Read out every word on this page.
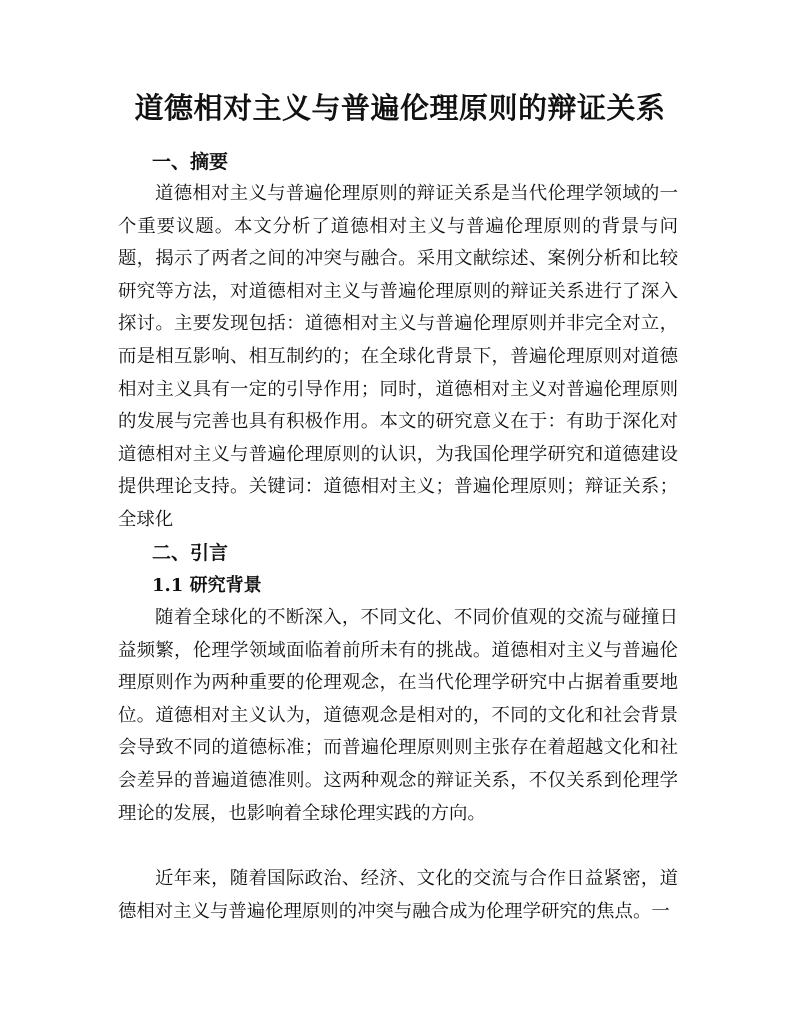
道德相对主义与普遍伦理原则的辩证关系
一、摘要

道德相对主义与普遍伦理原则的辩证关系是当代伦理学领域的一个重要议题。本文分析了道德相对主义与普遍伦理原则的背景与问题，揭示了两者之间的冲突与融合。采用文献综述、案例分析和比较研究等方法，对道德相对主义与普遍伦理原则的辩证关系进行了深入探讨。主要发现包括：道德相对主义与普遍伦理原则并非完全对立，而是相互影响、相互制约的；在全球化背景下，普遍伦理原则对道德相对主义具有一定的引导作用；同时，道德相对主义对普遍伦理原则的发展与完善也具有积极作用。本文的研究意义在于：有助于深化对道德相对主义与普遍伦理原则的认识，为我国伦理学研究和道德建设提供理论支持。关键词：道德相对主义；普遍伦理原则；辩证关系；全球化

二、引言
1.1 研究背景

随着全球化的不断深入，不同文化、不同价值观的交流与碰撞日益频繁，伦理学领域面临着前所未有的挑战。道德相对主义与普遍伦理原则作为两种重要的伦理观念，在当代伦理学研究中占据着重要地位。道德相对主义认为，道德观念是相对的，不同的文化和社会背景会导致不同的道德标准；而普遍伦理原则则主张存在着超越文化和社会差异的普遍道德准则。这两种观念的辩证关系，不仅关系到伦理学理论的发展，也影响着全球伦理实践的方向。

近年来，随着国际政治、经济、文化的交流与合作日益紧密，道德相对主义与普遍伦理原则的冲突与融合成为伦理学研究的焦点。一
